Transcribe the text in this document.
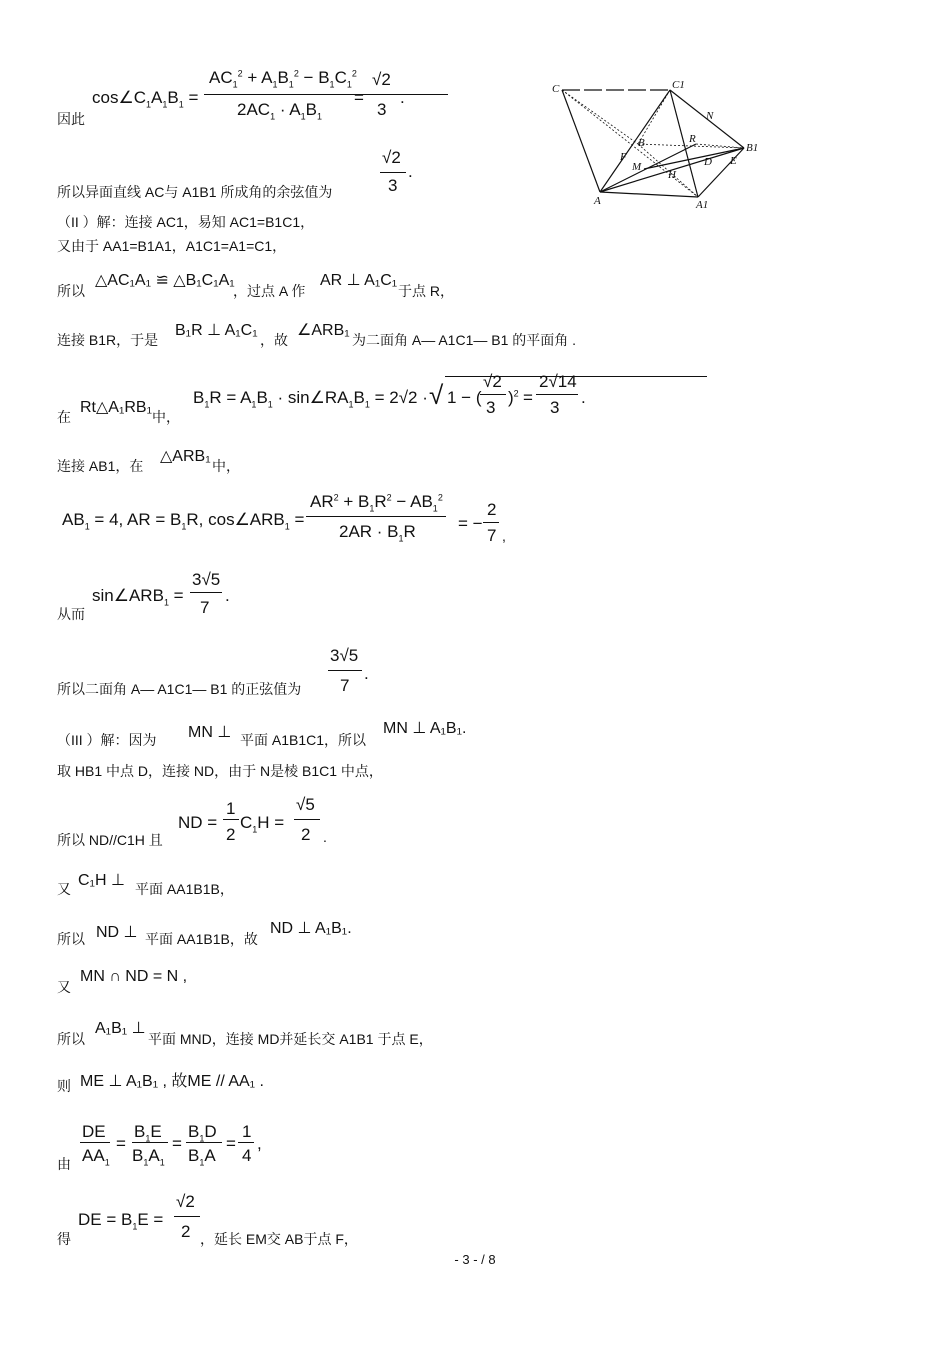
$\cos\angle C_1A_1B_1$ =
$AC_1^2 + A_1B_1^2 - B_1C_1^2$
$2AC_1 \cdot A_1B_1$
=
√2
3
.
因此
所以异面直线 AC与 A1B1 所成角的余弦值为
√2
3
.
（II ）解：连接 AC1，易知 AC1=B1C1，
又由于 AA1=B1A1，A1C1=A1=C1，
所以
△AC₁A₁ ≌ △B₁C₁A₁
，过点 A 作
AR ⊥ A₁C₁
于点 R，
连接 B1R，于是
B₁R ⊥ A₁C₁
，故
∠ARB₁
为二面角 A— A1C1— B1 的平面角 .
在
Rt△A₁RB₁
中，
$B_1R = A_1B_1$ · $\sin\angle RA_1B_1 = 2√2$ · √ 1 − (
√2
3
)$^2$ =
2√14
3
.
连接 AB1，在
△ARB₁
中，
$AB_1 = 4$, AR = $B_1R$, $\cos\angle ARB_1$ =
$AR^2 + B_1R^2 - AB_1^2$
$2AR \cdot B_1R$ = −
2
7 ,
从而
$\sin\angle ARB_1$ =
3√5
7
.
所以二面角 A— A1C1— B1 的正弦值为
3√5
7
.
（III ）解：因为 MN ⊥ 平面 A1B1C1，所以
MN ⊥ A₁B₁.
取 HB1 中点 D，连接 ND，由于 N是棱 B1C1 中点，
所以 ND//C1H 且
ND =
1
2
$C_1H$ =
√5
2 .
又 C₁H ⊥ 平面 AA1B1B，
所以 ND ⊥ 平面 AA1B1B，故
ND ⊥ A₁B₁.
又
MN ∩ ND = N ,
所以
A₁B₁ ⊥
平面 MND，连接 MD并延长交 A1B1 于点 E，
则 ME ⊥ A₁B₁ , 故ME // AA₁ .
由
DE
$AA_1$
=
$B_1E$
$B_1A_1$
=
$B_1D$
$B_1A$
=
1
4
,
得
DE = $B_1E$ =
√2
2 ，延长 EM交 AB于点 F，
C	C1
N
B	R
B1
E
F
M	D
H
A	A1
- 3 - / 8
